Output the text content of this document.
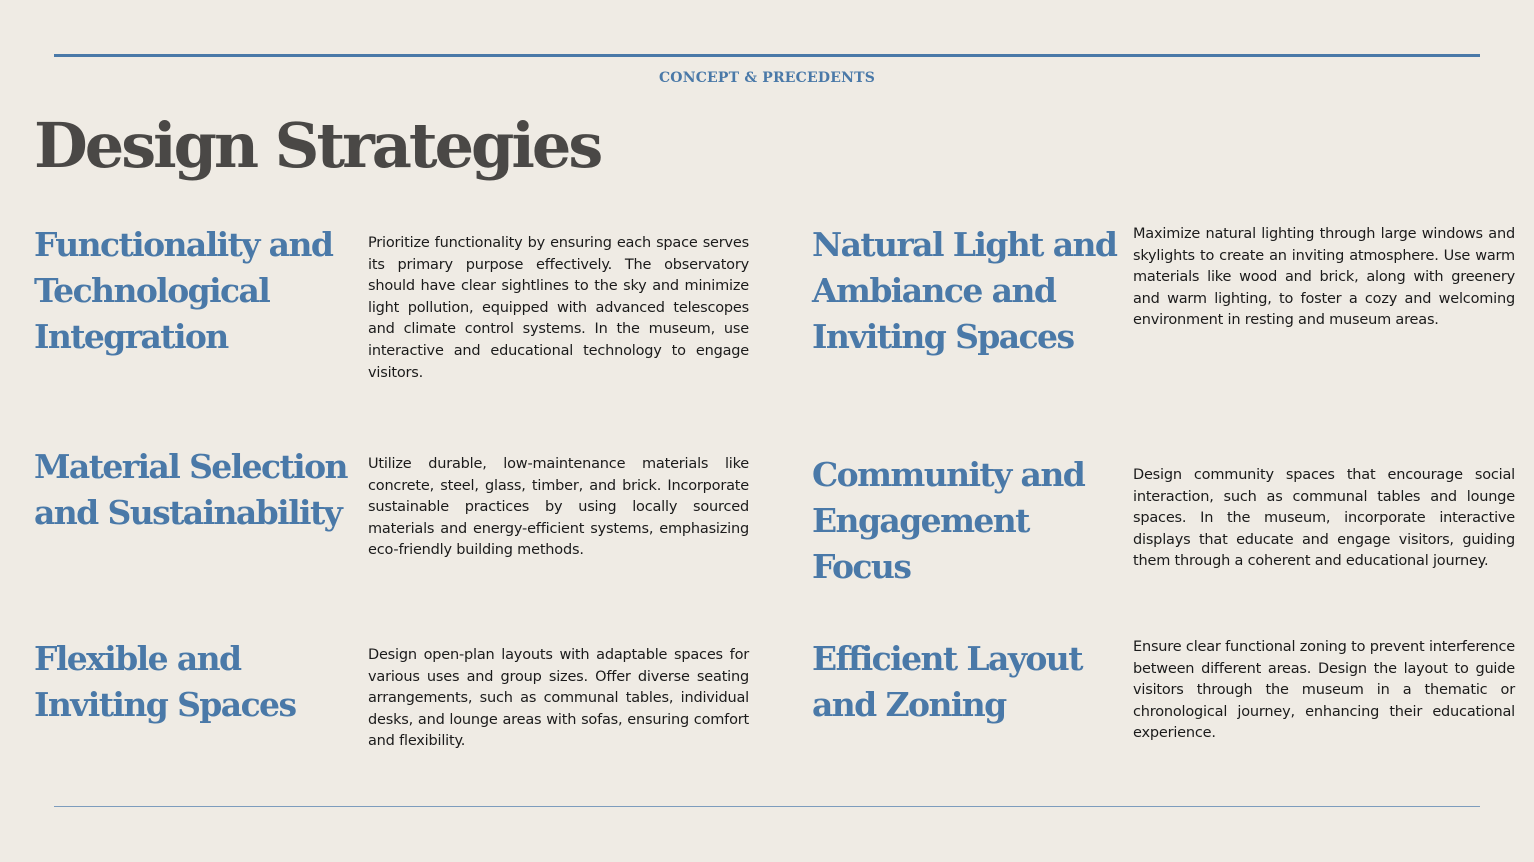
CONCEPT & PRECEDENTS
Design Strategies
Functionality and
Technological
Integration

Prioritize functionality by ensuring each space serves its primary purpose effectively. The observatory should have clear sightlines to the sky and minimize light pollution, equipped with advanced telescopes and climate control systems. In the museum, use interactive and educational technology to engage visitors.

Natural Light and
Ambiance and
Inviting Spaces

Maximize natural lighting through large windows and skylights to create an inviting atmosphere. Use warm materials like wood and brick, along with greenery and warm lighting, to foster a cozy and welcoming environment in resting and museum areas.

Material Selection
and Sustainability

Utilize durable, low-maintenance materials like concrete, steel, glass, timber, and brick. Incorporate sustainable practices by using locally sourced materials and energy-efficient systems, emphasizing eco-friendly building methods.

Community and
Engagement
Focus

Design community spaces that encourage social interaction, such as communal tables and lounge spaces. In the museum, incorporate interactive displays that educate and engage visitors, guiding them through a coherent and educational journey.

Flexible and
Inviting Spaces

Design open-plan layouts with adaptable spaces for various uses and group sizes. Offer diverse seating arrangements, such as communal tables, individual desks, and lounge areas with sofas, ensuring comfort and flexibility.

Efficient Layout
and Zoning

Ensure clear functional zoning to prevent interference between different areas. Design the layout to guide visitors through the museum in a thematic or chronological journey, enhancing their educational experience.
